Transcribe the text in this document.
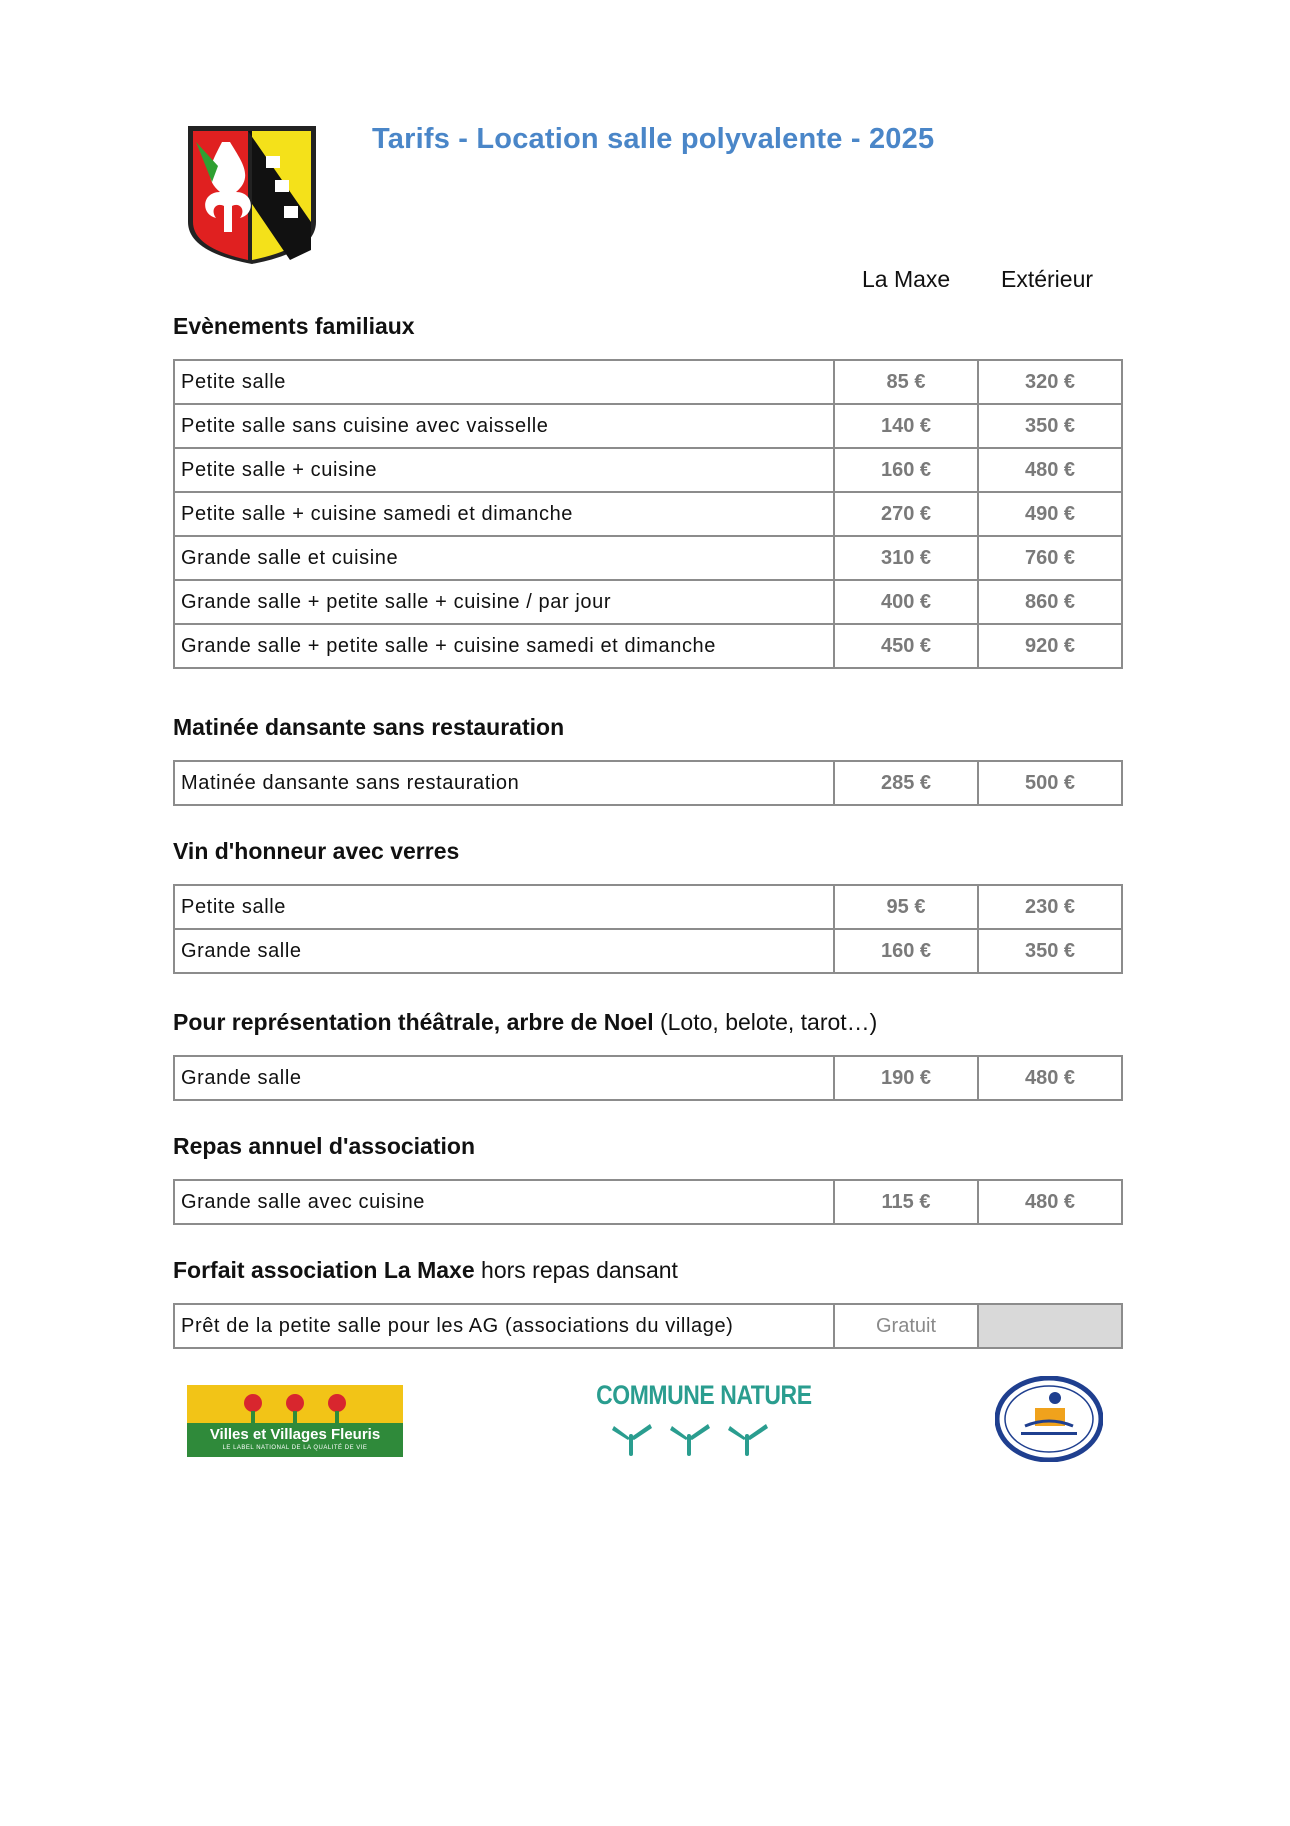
Tarifs - Location salle polyvalente - 2025
La Maxe Extérieur
Evènements familiaux
Petite salle	85 €	320 €
Petite salle sans cuisine avec vaisselle	140 €	350 €
Petite salle + cuisine	160 €	480 €
Petite salle + cuisine samedi et dimanche	270 €	490 €
Grande salle et cuisine	310 €	760 €
Grande salle + petite salle + cuisine / par jour	400 €	860 €
Grande salle + petite salle + cuisine samedi et dimanche	450 €	920 €
Matinée dansante sans restauration
Matinée dansante sans restauration	285 €	500 €
Vin d'honneur avec verres
Petite salle	95 €	230 €
Grande salle	160 €	350 €
Pour représentation théâtrale, arbre de Noel (Loto, belote, tarot…)
Grande salle	190 €	480 €
Repas annuel d'association
Grande salle avec cuisine	115 €	480 €
Forfait association La Maxe hors repas dansant
Prêt de la petite salle pour les AG (associations du village)	Gratuit	
Villes et Villages Fleuris
LE LABEL NATIONAL DE LA QUALITÉ DE VIE
COMMUNE NATURE
